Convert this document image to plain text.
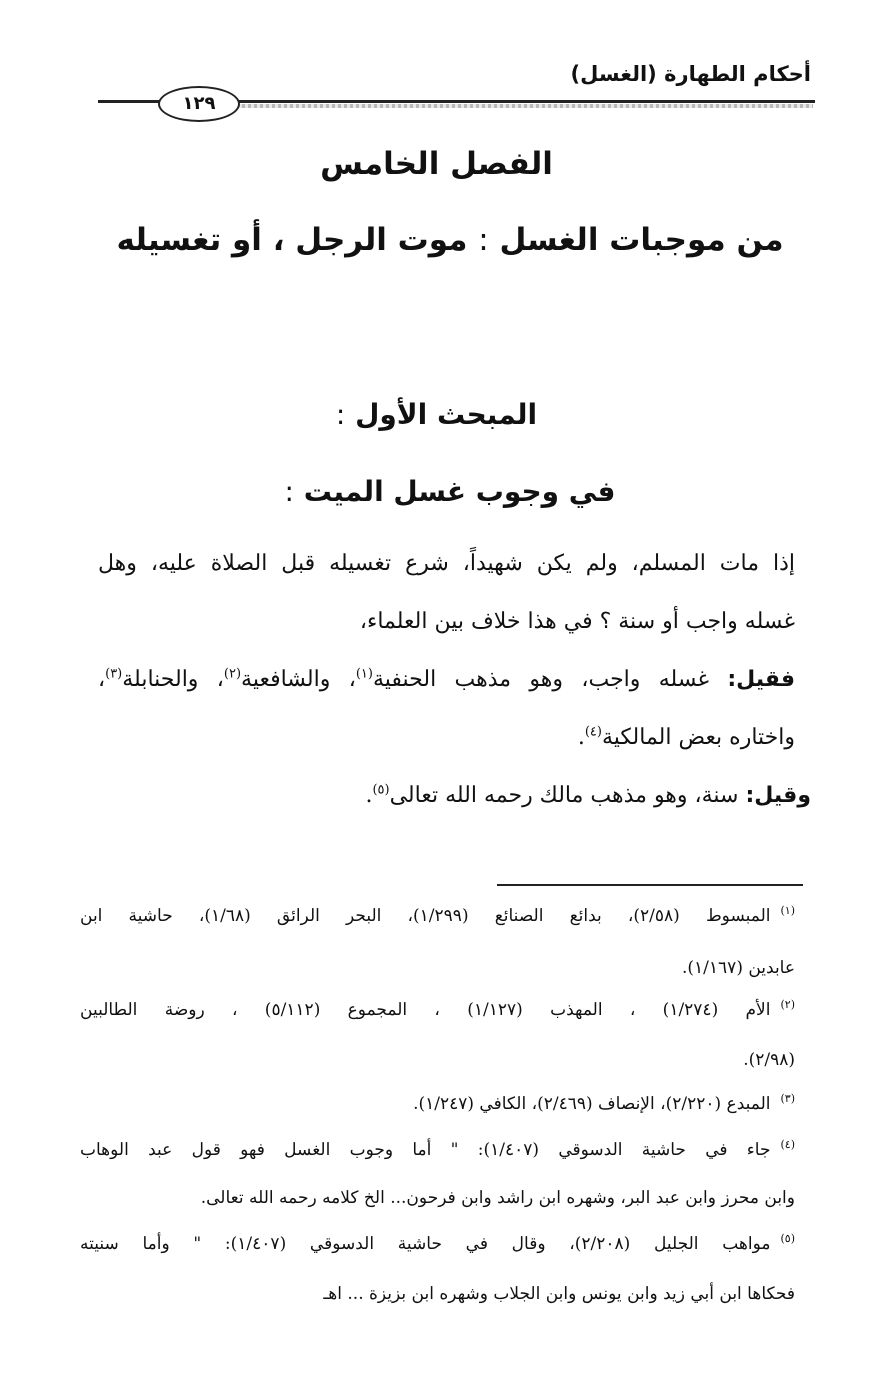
أحكام الطهارة (الغسل)
١٢٩
الفصل الخامس
من موجبات الغسل : موت الرجل ، أو تغسيله
المبحث الأول :
في وجوب غسل الميت :
إذا مات المسلم، ولم يكن شهيداً، شرع تغسيله قبل الصلاة عليه، وهل
غسله واجب أو سنة ؟ في هذا خلاف بين العلماء،
فقيل: غسله واجب، وهو مذهب الحنفية$^{(١)}$، والشافعية$^{(٢)}$، والحنابلة$^{(٣)}$،
واختاره بعض المالكية$^{(٤)}$.
وقيل: سنة، وهو مذهب مالك رحمه الله تعالى$^{(٥)}$.
$^{(١)}$المبسوط (٢/٥٨)، بدائع الصنائع (١/٢٩٩)، البحر الرائق (١/٦٨)، حاشية ابن
عابدين (١/١٦٧).
$^{(٢)}$الأم (١/٢٧٤) ، المهذب (١/١٢٧) ، المجموع (٥/١١٢) ، روضة الطالبين
(٢/٩٨).
$^{(٣)}$المبدع (٢/٢٢٠)، الإنصاف (٢/٤٦٩)، الكافي (١/٢٤٧).
$^{(٤)}$جاء في حاشية الدسوقي (١/٤٠٧): " أما وجوب الغسل فهو قول عبد الوهاب
وابن محرز وابن عبد البر، وشهره ابن راشد وابن فرحون... الخ كلامه رحمه الله تعالى.
$^{(٥)}$مواهب الجليل (٢/٢٠٨)، وقال في حاشية الدسوقي (١/٤٠٧): " وأما سنيته
فحكاها ابن أبي زيد وابن يونس وابن الجلاب وشهره ابن بزيزة ... اهـ
